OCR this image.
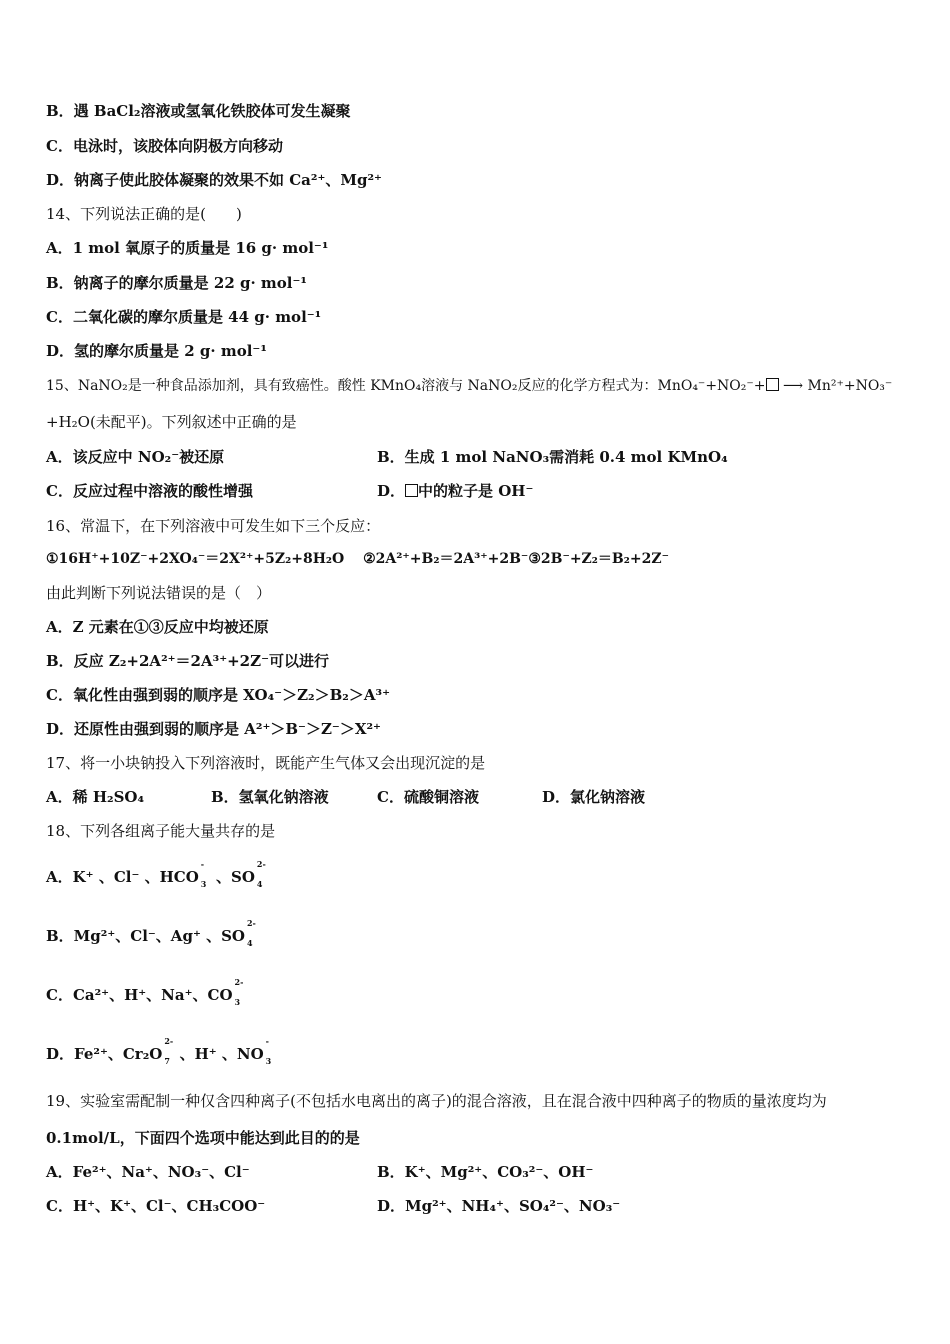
B．遇 BaCl₂溶液或氢氧化铁胶体可发生凝聚
C．电泳时，该胶体向阴极方向移动
D．钠离子使此胶体凝聚的效果不如 Ca²⁺、Mg²⁺
14、下列说法正确的是(　　)
A．1 mol 氧原子的质量是 16 g· mol⁻¹
B．钠离子的摩尔质量是 22 g· mol⁻¹
C．二氧化碳的摩尔质量是 44 g· mol⁻¹
D．氢的摩尔质量是 2 g· mol⁻¹
15、NaNO₂是一种食品添加剂，具有致癌性。酸性 KMnO₄溶液与 NaNO₂反应的化学方程式为：MnO₄⁻+NO₂⁻+ ⟶ Mn²⁺+NO₃⁻
+H₂O(未配平)。下列叙述中正确的是
A．该反应中 NO₂⁻被还原	B．生成 1 mol NaNO₃需消耗 0.4 mol KMnO₄
C．反应过程中溶液的酸性增强	D． 中的粒子是 OH⁻
16、常温下，在下列溶液中可发生如下三个反应：
①16H⁺+10Z⁻+2XO₄⁻＝2X²⁺+5Z₂+8H₂O　 ②2A²⁺+B₂＝2A³⁺+2B⁻③2B⁻+Z₂＝B₂+2Z⁻
由此判断下列说法错误的是（　）
A．Z 元素在①③反应中均被还原
B．反应 Z₂+2A²⁺＝2A³⁺+2Z⁻可以进行
C．氧化性由强到弱的顺序是 XO₄⁻＞Z₂＞B₂＞A³⁺
D．还原性由强到弱的顺序是 A²⁺＞B⁻＞Z⁻＞X²⁺
17、将一小块钠投入下列溶液时，既能产生气体又会出现沉淀的是
A．稀 H₂SO₄	B．氢氧化钠溶液	C．硫酸铜溶液	D．氯化钠溶液
18、下列各组离子能大量共存的是
A．K⁺ 、Cl⁻ 、HCO
-
3 、SO
2-
4
B．Mg²⁺、Cl⁻、Ag⁺ 、SO
2-
4
C．Ca²⁺、H⁺、Na⁺、CO
2-
3
D．Fe²⁺、Cr₂O
2-
7 、H⁺ 、NO
-
3
19、实验室需配制一种仅含四种离子(不包括水电离出的离子)的混合溶液，且在混合液中四种离子的物质的量浓度均为
0.1mol/L，下面四个选项中能达到此目的的是
A．Fe²⁺、Na⁺、NO₃⁻、Cl⁻	B．K⁺、Mg²⁺、CO₃²⁻、OH⁻
C．H⁺、K⁺、Cl⁻、CH₃COO⁻	D．Mg²⁺、NH₄⁺、SO₄²⁻、NO₃⁻
